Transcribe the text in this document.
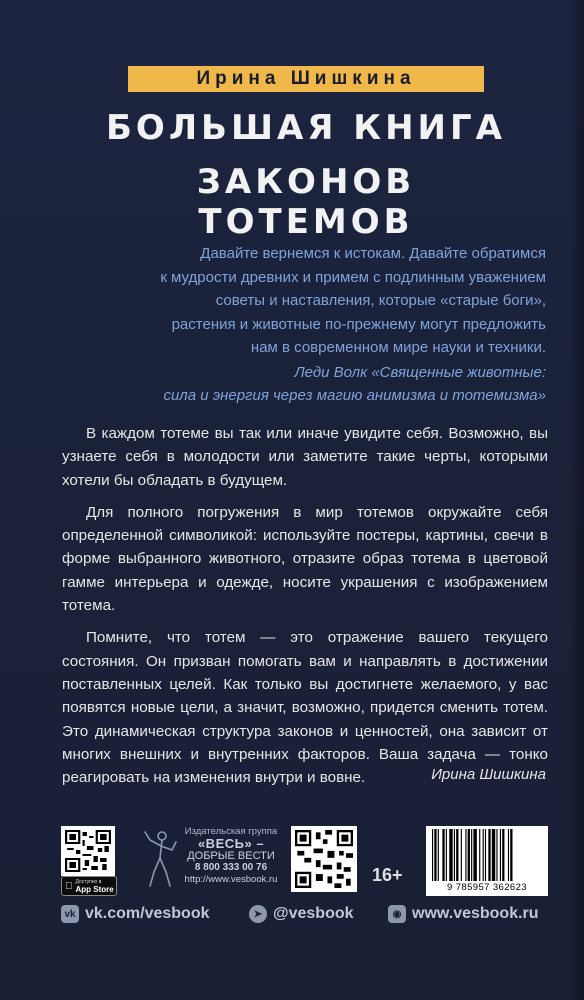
Ирина Шишкина
БОЛЬШАЯ КНИГА
ЗАКОНОВ ТОТЕМОВ
Давайте вернемся к истокам. Давайте обратимся
к мудрости древних и примем с подлинным уважением
советы и наставления, которые «старые боги»,
растения и животные по-прежнему могут предложить
нам в современном мире науки и техники.
Леди Волк «Священные животные:
сила и энергия через магию анимизма и тотемизма»

В каждом тотеме вы так или иначе увидите себя. Возможно, вы узнаете себя в молодости или заметите такие черты, которыми хотели бы обладать в будущем.

Для полного погружения в мир тотемов окружайте себя определенной символикой: используйте постеры, картины, свечи в форме выбранного животного, отразите образ тотема в цветовой гамме интерьера и одежде, носите украшения с изображением тотема.

Помните, что тотем — это отражение вашего текущего состояния. Он призван помогать вам и направлять в достижении поставленных целей. Как только вы достигнете желаемого, у вас появятся новые цели, а значит, возможно, придется сменить тотем. Это динамическая структура законов и ценностей, она зависит от многих внешних и внутренних факторов. Ваша задача — тонко реагировать на изменения внутри и вовне.	Ирина Шишкина
Доступно в
App Store
Издательская группа
«ВЕСЬ» –
ДОБРЫЕ ВЕСТИ
8 800 333 00 76
http://www.vesbook.ru	16+
9 785957 362623
vk vk.com/vesbook	➤ @vesbook	◉ www.vesbook.ru
